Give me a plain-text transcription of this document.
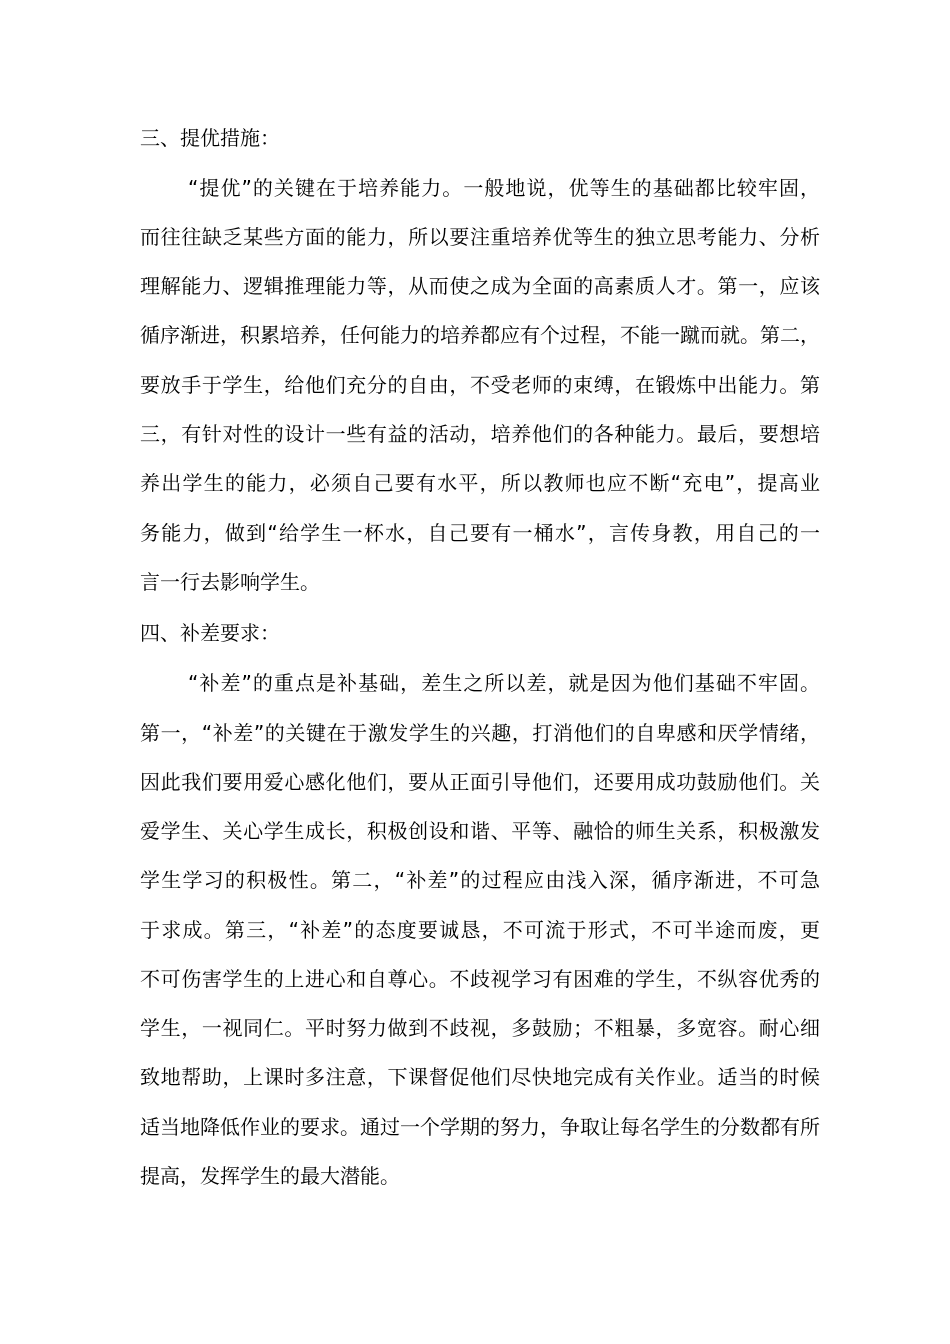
三、提优措施：
“提优”的关键在于培养能力。一般地说，优等生的基础都比较牢固，
而往往缺乏某些方面的能力，所以要注重培养优等生的独立思考能力、分析
理解能力、逻辑推理能力等，从而使之成为全面的高素质人才。第一，应该
循序渐进，积累培养，任何能力的培养都应有个过程，不能一蹴而就。第二，
要放手于学生，给他们充分的自由，不受老师的束缚，在锻炼中出能力。第
三，有针对性的设计一些有益的活动，培养他们的各种能力。最后，要想培
养出学生的能力，必须自己要有水平，所以教师也应不断“充电”，提高业
务能力，做到“给学生一杯水，自己要有一桶水”，言传身教，用自己的一
言一行去影响学生。
四、补差要求：
“补差”的重点是补基础，差生之所以差，就是因为他们基础不牢固。
第一，“补差”的关键在于激发学生的兴趣，打消他们的自卑感和厌学情绪，
因此我们要用爱心感化他们，要从正面引导他们，还要用成功鼓励他们。关
爱学生、关心学生成长，积极创设和谐、平等、融恰的师生关系，积极激发
学生学习的积极性。第二，“补差”的过程应由浅入深，循序渐进，不可急
于求成。第三，“补差”的态度要诚恳，不可流于形式，不可半途而废，更
不可伤害学生的上进心和自尊心。不歧视学习有困难的学生，不纵容优秀的
学生，一视同仁。平时努力做到不歧视，多鼓励；不粗暴，多宽容。耐心细
致地帮助，上课时多注意，下课督促他们尽快地完成有关作业。适当的时候
适当地降低作业的要求。通过一个学期的努力，争取让每名学生的分数都有所
提高，发挥学生的最大潜能。
